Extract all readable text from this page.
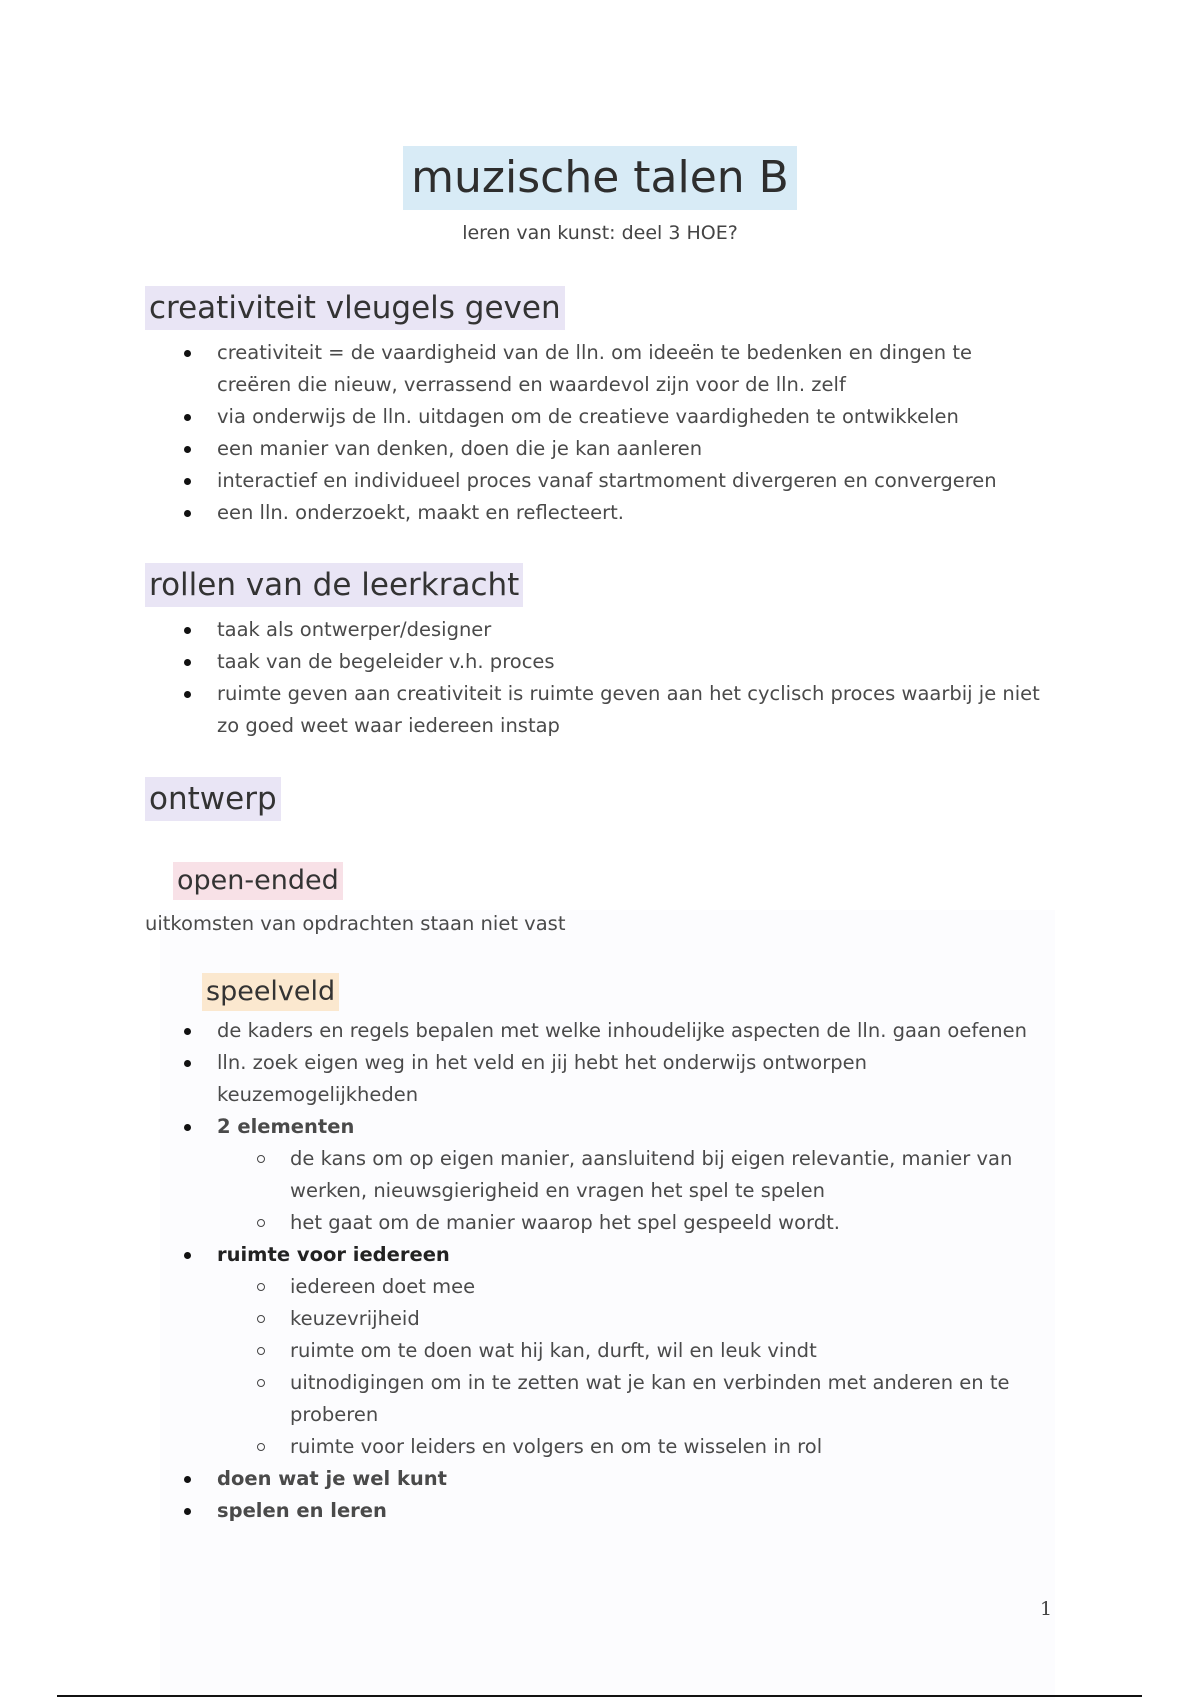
muzische talen B
leren van kunst: deel 3 HOE?
creativiteit vleugels geven
creativiteit = de vaardigheid van de lln. om ideeën te bedenken en dingen te creëren die nieuw, verrassend en waardevol zijn voor de lln. zelf
via onderwijs de lln. uitdagen om de creatieve vaardigheden te ontwikkelen
een manier van denken, doen die je kan aanleren
interactief en individueel proces vanaf startmoment divergeren en convergeren
een lln. onderzoekt, maakt en reflecteert.
rollen van de leerkracht
taak als ontwerper/designer
taak van de begeleider v.h. proces
ruimte geven aan creativiteit is ruimte geven aan het cyclisch proces waarbij je niet zo goed weet waar iedereen instap
ontwerp
open-ended
uitkomsten van opdrachten staan niet vast
speelveld
de kaders en regels bepalen met welke inhoudelijke aspecten de lln. gaan oefenen
lln. zoek eigen weg in het veld en jij hebt het onderwijs ontworpen keuzemogelijkheden
2 elementen
de kans om op eigen manier, aansluitend bij eigen relevantie, manier van werken, nieuwsgierigheid en vragen het spel te spelen
het gaat om de manier waarop het spel gespeeld wordt.
ruimte voor iedereen
iedereen doet mee
keuzevrijheid
ruimte om te doen wat hij kan, durft, wil en leuk vindt
uitnodigingen om in te zetten wat je kan en verbinden met anderen en te proberen
ruimte voor leiders en volgers en om te wisselen in rol
doen wat je wel kunt
spelen en leren
1
